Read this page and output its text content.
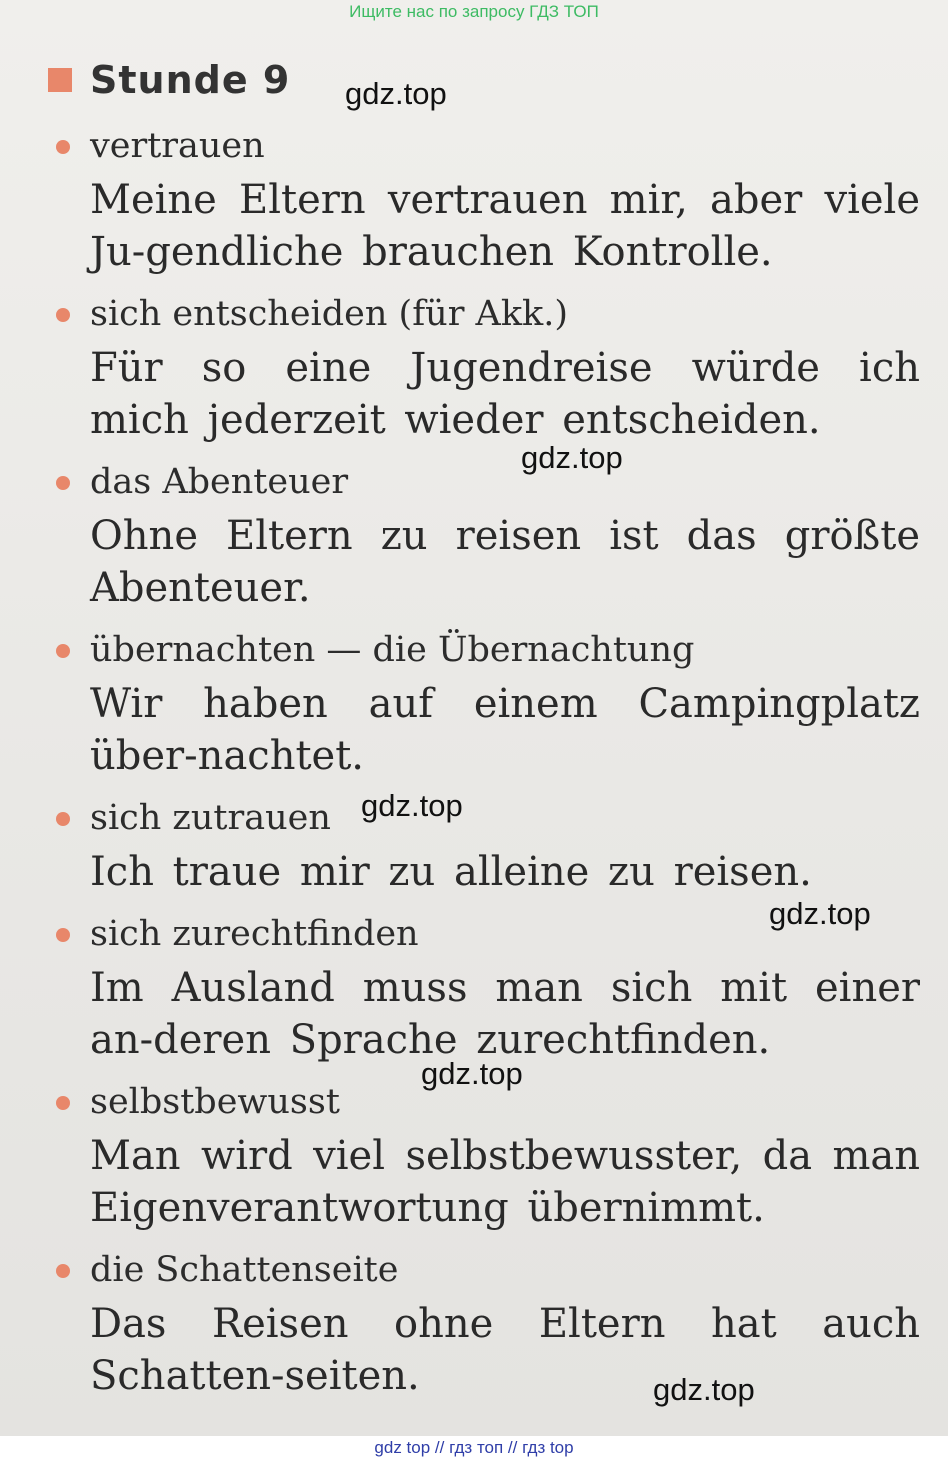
Ищите нас по запросу ГДЗ ТОП
Stunde 9
vertrauen
Meine Eltern vertrauen mir, aber viele Ju-gendliche brauchen Kontrolle.
sich entscheiden (für Akk.)
Für so eine Jugendreise würde ich mich jederzeit wieder entscheiden.
das Abenteuer
Ohne Eltern zu reisen ist das größte Abenteuer.
übernachten — die Übernachtung
Wir haben auf einem Campingplatz über-nachtet.
sich zutrauen
Ich traue mir zu alleine zu reisen.
sich zurechtfinden
Im Ausland muss man sich mit einer an-deren Sprache zurechtfinden.
selbstbewusst
Man wird viel selbstbewusster, da man Eigenverantwortung übernimmt.
die Schattenseite
Das Reisen ohne Eltern hat auch Schatten-seiten.
gdz.top
gdz.top
gdz.top
gdz.top
gdz.top
gdz.top
gdz top // гдз топ // гдз top
